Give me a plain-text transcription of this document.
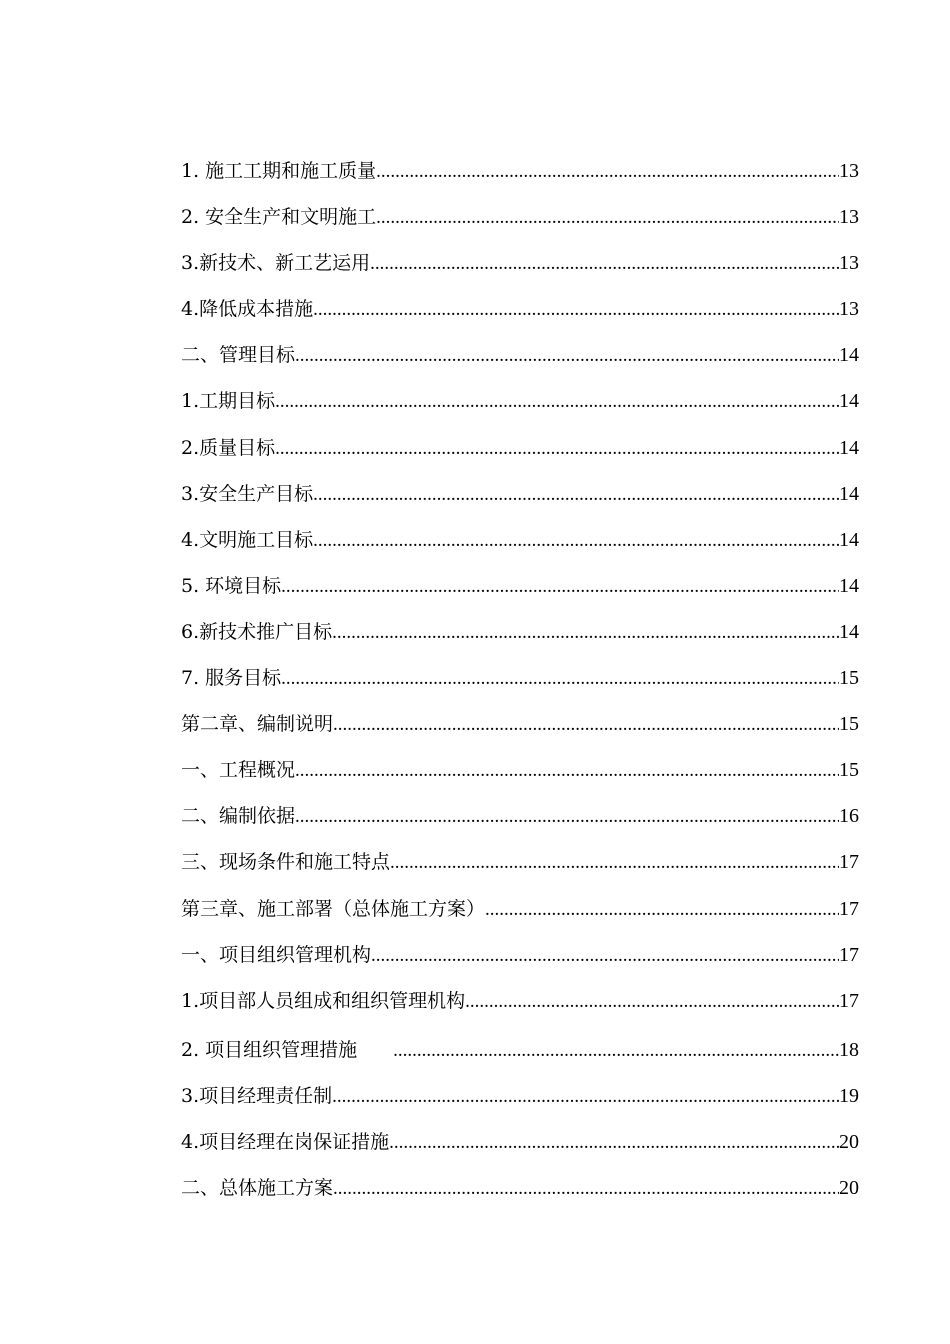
1. 施工工期和施工质量 .....	13
2. 安全生产和文明施工 .....	13
3.新技术、新工艺运用 .....	13
4.降低成本措施 .....	13
二、管理目标 .....	14
1.工期目标 .....	14
2.质量目标 .....	14
3.安全生产目标 .....	14
4.文明施工目标 .....	14
5. 环境目标 .....	14
6.新技术推广目标 .....	14
7. 服务目标 .....	15
第二章、编制说明 .....	15
一、工程概况 .....	15
二、编制依据 .....	16
三、现场条件和施工特点 .....	17
第三章、施工部署（总体施工方案） .....	17
一、项目组织管理机构 .....	17
1.项目部人员组成和组织管理机构 .....	17
2. 项目组织管理措施 .....	18
3.项目经理责任制 .....	19
4.项目经理在岗保证措施 .....	20
二、总体施工方案 .....	20
